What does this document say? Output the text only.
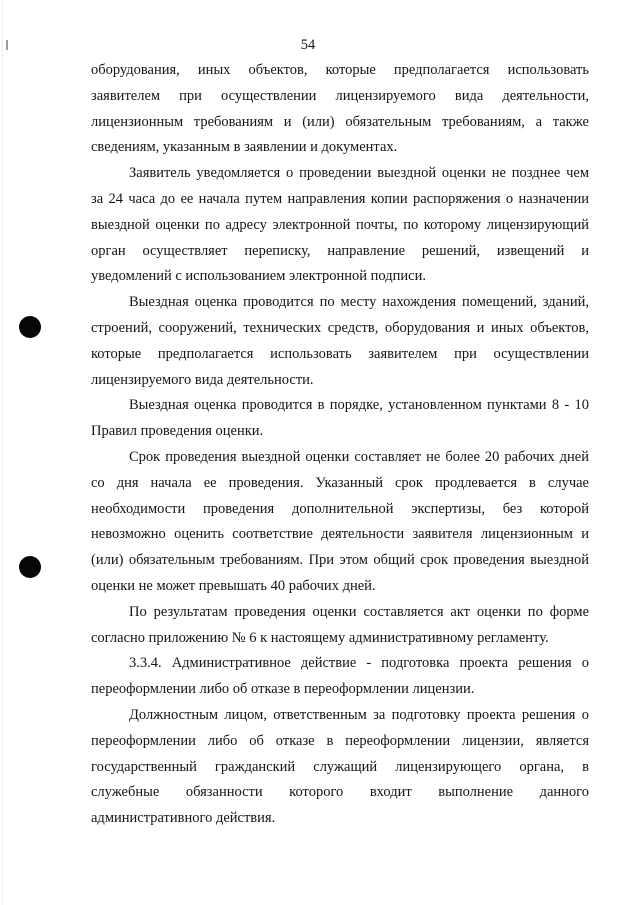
54

оборудования, иных объектов, которые предполагается использовать
заявителем при осуществлении лицензируемого вида деятельности,
лицензионным требованиям и (или) обязательным требованиям, а также
сведениям, указанным в заявлении и документах.
Заявитель уведомляется о проведении выездной оценки не позднее чем
за 24 часа до ее начала путем направления копии распоряжения о назначении
выездной оценки по адресу электронной почты, по которому лицензирующий
орган осуществляет переписку, направление решений, извещений и
уведомлений с использованием электронной подписи.
Выездная оценка проводится по месту нахождения помещений, зданий,
строений, сооружений, технических средств, оборудования и иных объектов,
которые предполагается использовать заявителем при осуществлении
лицензируемого вида деятельности.
Выездная оценка проводится в порядке, установленном пунктами 8 - 10
Правил проведения оценки.
Срок проведения выездной оценки составляет не более 20 рабочих дней
со дня начала ее проведения. Указанный срок продлевается в случае
необходимости проведения дополнительной экспертизы, без которой
невозможно оценить соответствие деятельности заявителя лицензионным и
(или) обязательным требованиям. При этом общий срок проведения выездной
оценки не может превышать 40 рабочих дней.
По результатам проведения оценки составляется акт оценки по форме
согласно приложению № 6 к настоящему административному регламенту.
3.3.4. Административное действие - подготовка проекта решения о
переоформлении либо об отказе в переоформлении лицензии.
Должностным лицом, ответственным за подготовку проекта решения о
переоформлении либо об отказе в переоформлении лицензии, является
государственный гражданский служащий лицензирующего органа, в
служебные обязанности которого входит выполнение данного
административного действия.
